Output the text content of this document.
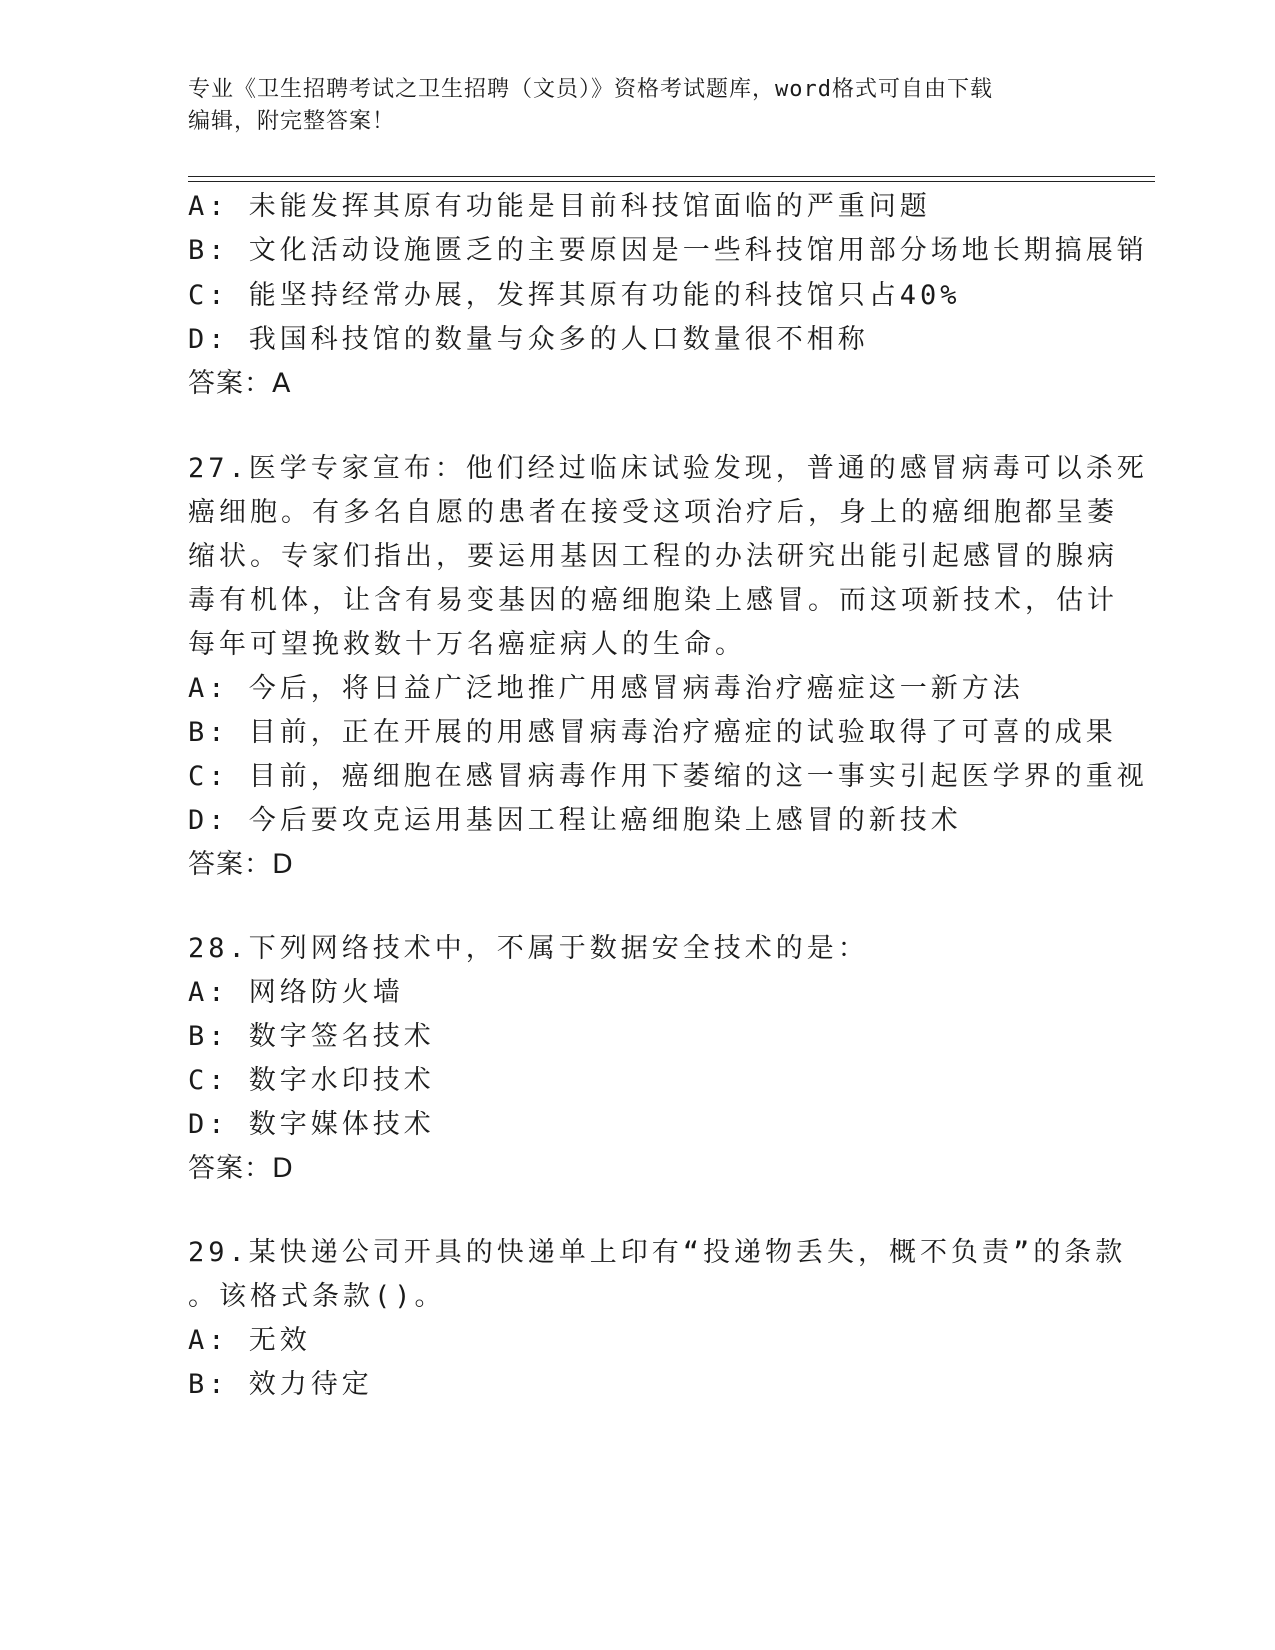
专业《卫生招聘考试之卫生招聘（文员）》资格考试题库，word格式可自由下载
编辑，附完整答案！
A: 未能发挥其原有功能是目前科技馆面临的严重问题
B: 文化活动设施匮乏的主要原因是一些科技馆用部分场地长期搞展销
C: 能坚持经常办展，发挥其原有功能的科技馆只占40%
D: 我国科技馆的数量与众多的人口数量很不相称
答案：A
27.医学专家宣布：他们经过临床试验发现，普通的感冒病毒可以杀死
癌细胞。有多名自愿的患者在接受这项治疗后，身上的癌细胞都呈萎
缩状。专家们指出，要运用基因工程的办法研究出能引起感冒的腺病
毒有机体，让含有易变基因的癌细胞染上感冒。而这项新技术，估计
每年可望挽救数十万名癌症病人的生命。
A: 今后，将日益广泛地推广用感冒病毒治疗癌症这一新方法
B: 目前，正在开展的用感冒病毒治疗癌症的试验取得了可喜的成果
C: 目前，癌细胞在感冒病毒作用下萎缩的这一事实引起医学界的重视
D: 今后要攻克运用基因工程让癌细胞染上感冒的新技术
答案：D
28.下列网络技术中，不属于数据安全技术的是：
A: 网络防火墙
B: 数字签名技术
C: 数字水印技术
D: 数字媒体技术
答案：D
29.某快递公司开具的快递单上印有“投递物丢失，概不负责”的条款
。该格式条款()。
A: 无效
B: 效力待定
